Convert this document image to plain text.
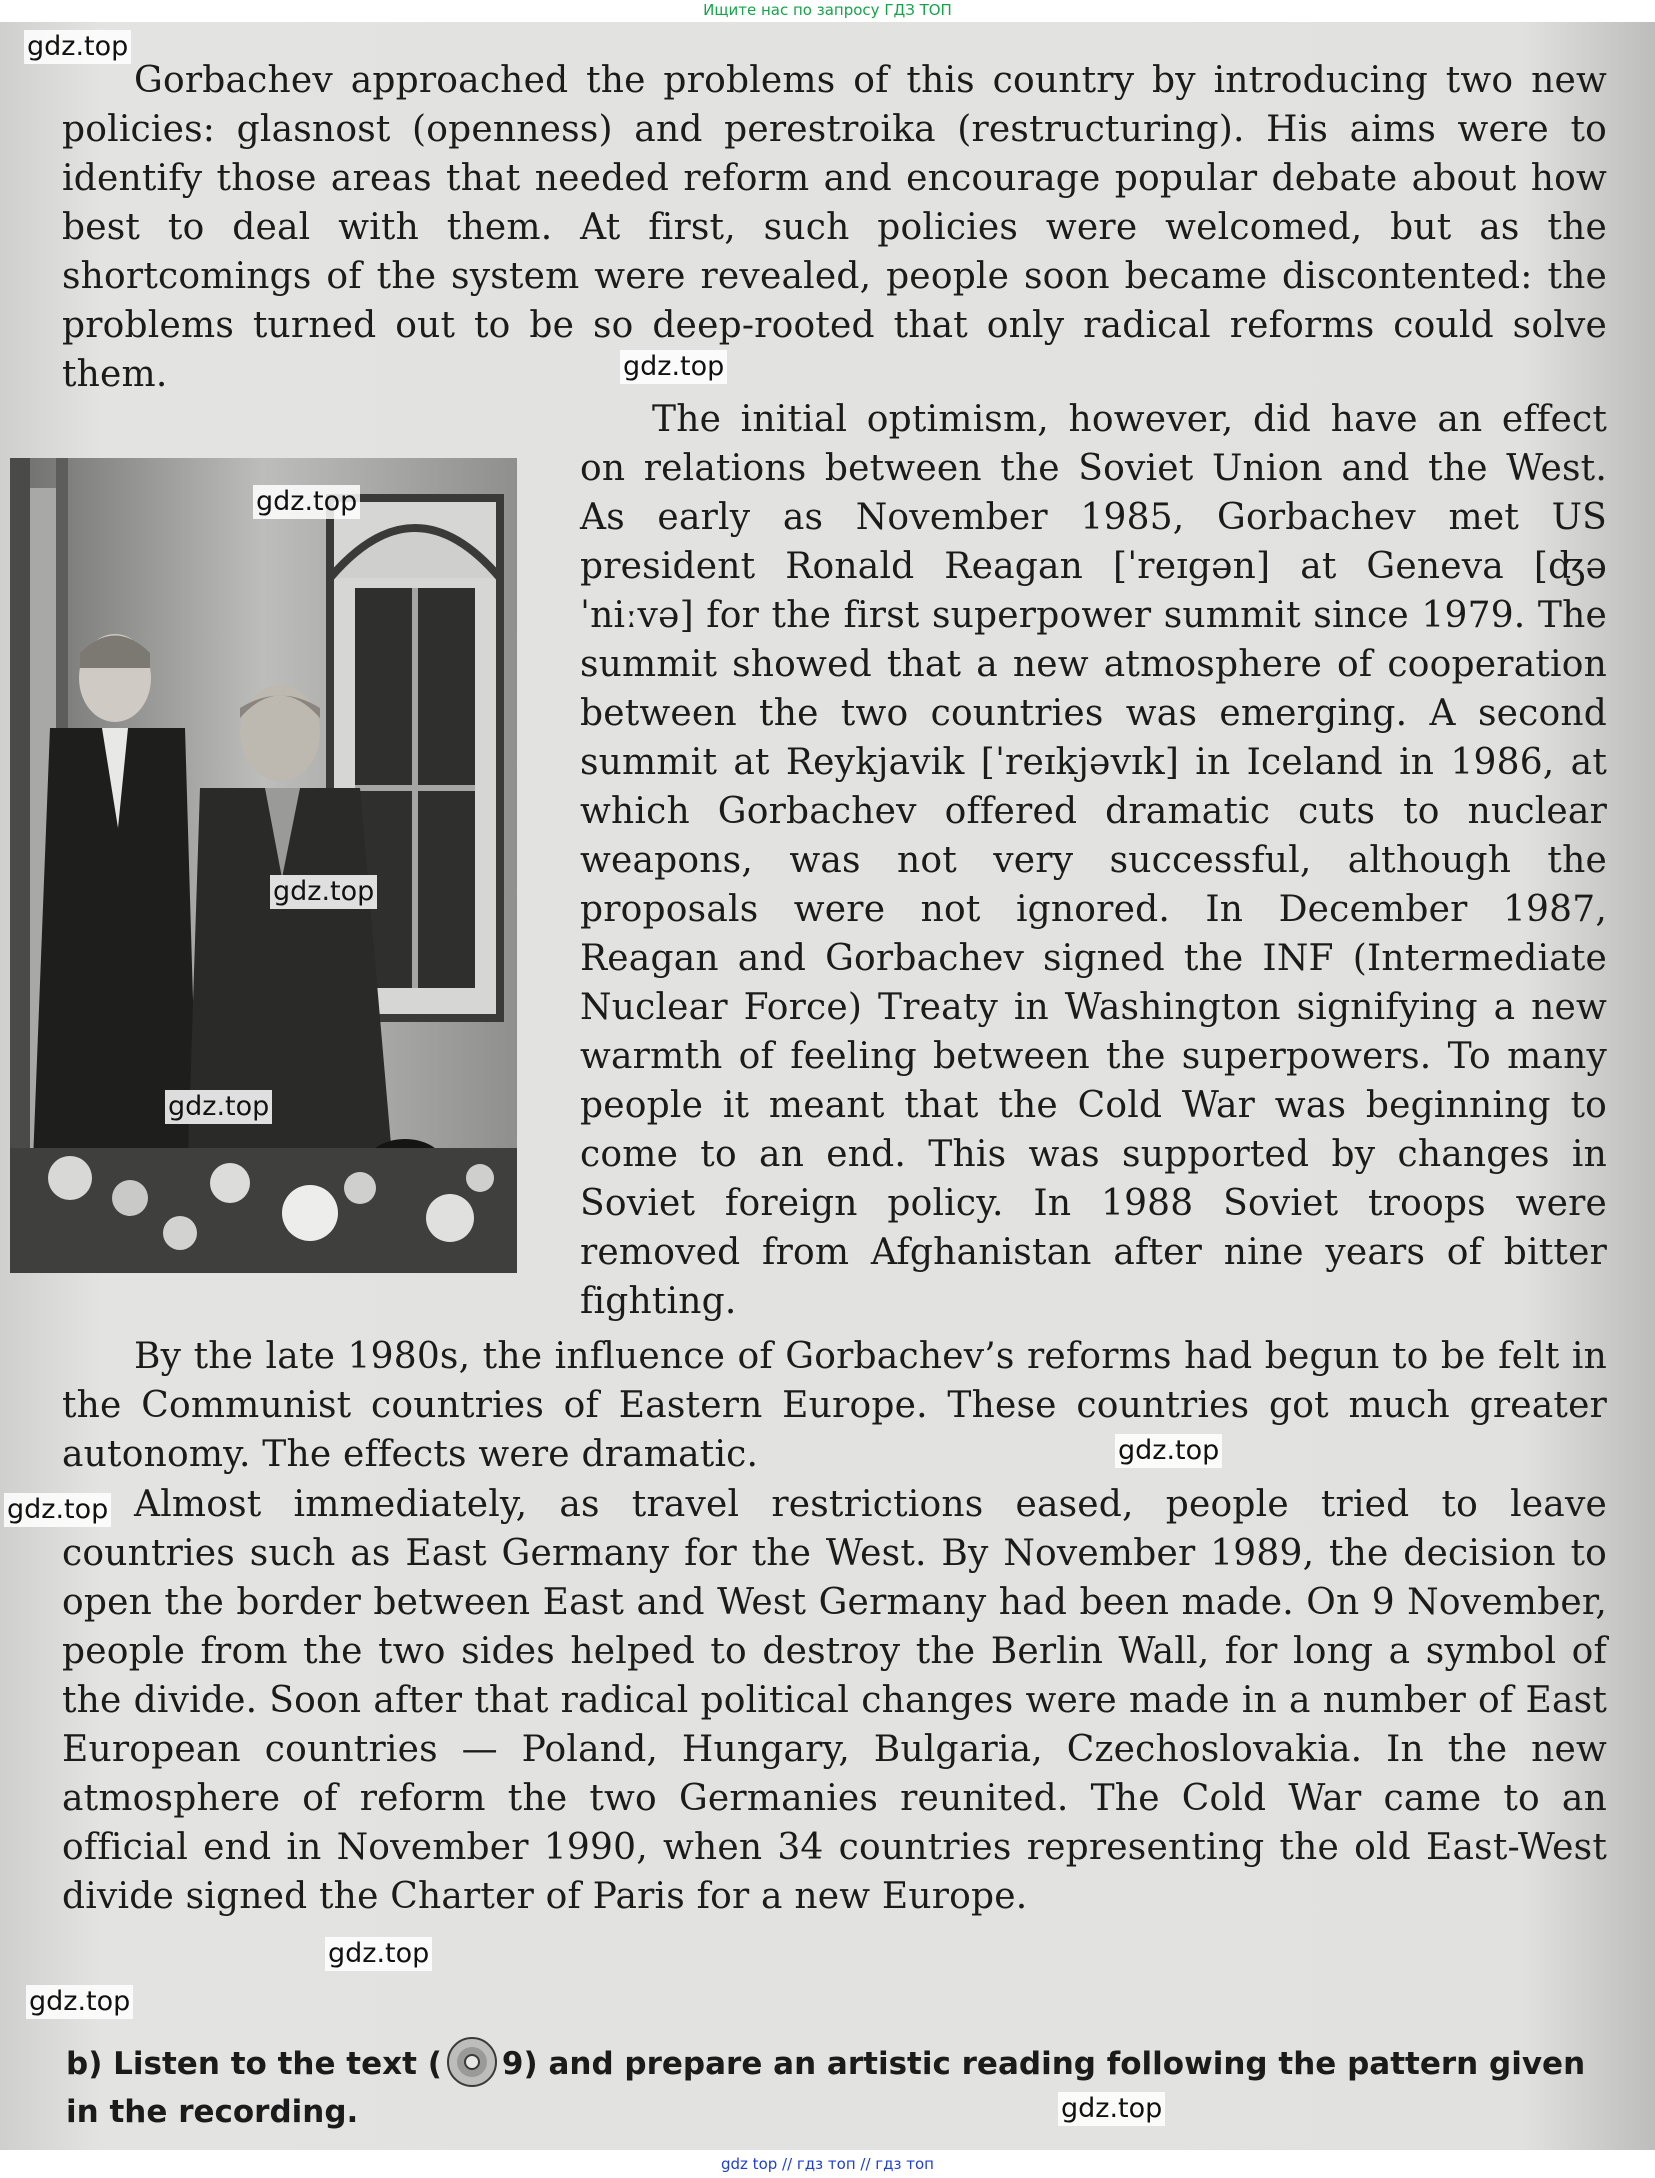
Ищите нас по запросу ГДЗ ТОП
Gorbachev approached the problems of this country by introducing two new policies: glasnost (openness) and perestroika (restructuring). His aims were to identify those areas that needed reform and encourage popular debate about how best to deal with them. At first, such policies were welcomed, but as the shortcomings of the system were revealed, people soon became discontented: the problems turned out to be so deep-rooted that only radical reforms could solve them.
The initial optimism, however, did have an effect on relations between the Soviet Union and the West. As early as November 1985, Gorbachev met US president Ronald Reagan [ˈreɪgən] at Geneva [ʤəˈniːvə] for the first superpower summit since 1979. The summit showed that a new atmosphere of cooperation between the two countries was emerging. A second summit at Reykjavik [ˈreɪkjəvɪk] in Iceland in 1986, at which Gorbachev offered dramatic cuts to nuclear weapons, was not very successful, although the proposals were not ignored. In December 1987, Reagan and Gorbachev signed the INF (Intermediate Nuclear Force) Treaty in Washington signifying a new warmth of feeling between the superpowers. To many people it meant that the Cold War was beginning to come to an end. This was supported by changes in Soviet foreign policy. In 1988 Soviet troops were removed from Afghanistan after nine years of bitter fighting.
By the late 1980s, the influence of Gorbachev’s reforms had begun to be felt in the Communist countries of Eastern Europe. These countries got much greater autonomy. The effects were dramatic.
Almost immediately, as travel restrictions eased, people tried to leave countries such as East Germany for the West. By November 1989, the decision to open the border between East and West Germany had been made. On 9 November, people from the two sides helped to destroy the Berlin Wall, for long a symbol of the divide. Soon after that radical political changes were made in a number of East European countries — Poland, Hungary, Bulgaria, Czechoslovakia. In the new atmosphere of reform the two Germanies reunited. The Cold War came to an official end in November 1990, when 34 countries representing the old East-West divide signed the Charter of Paris for a new Europe.
b) Listen to the text ( 9) and prepare an artistic reading following the pattern given in the recording.
gdz.top
gdz.top
gdz.top
gdz.top
gdz.top
gdz.top
gdz.top
gdz.top
gdz.top
gdz.top
gdz top // гдз топ // гдз топ
